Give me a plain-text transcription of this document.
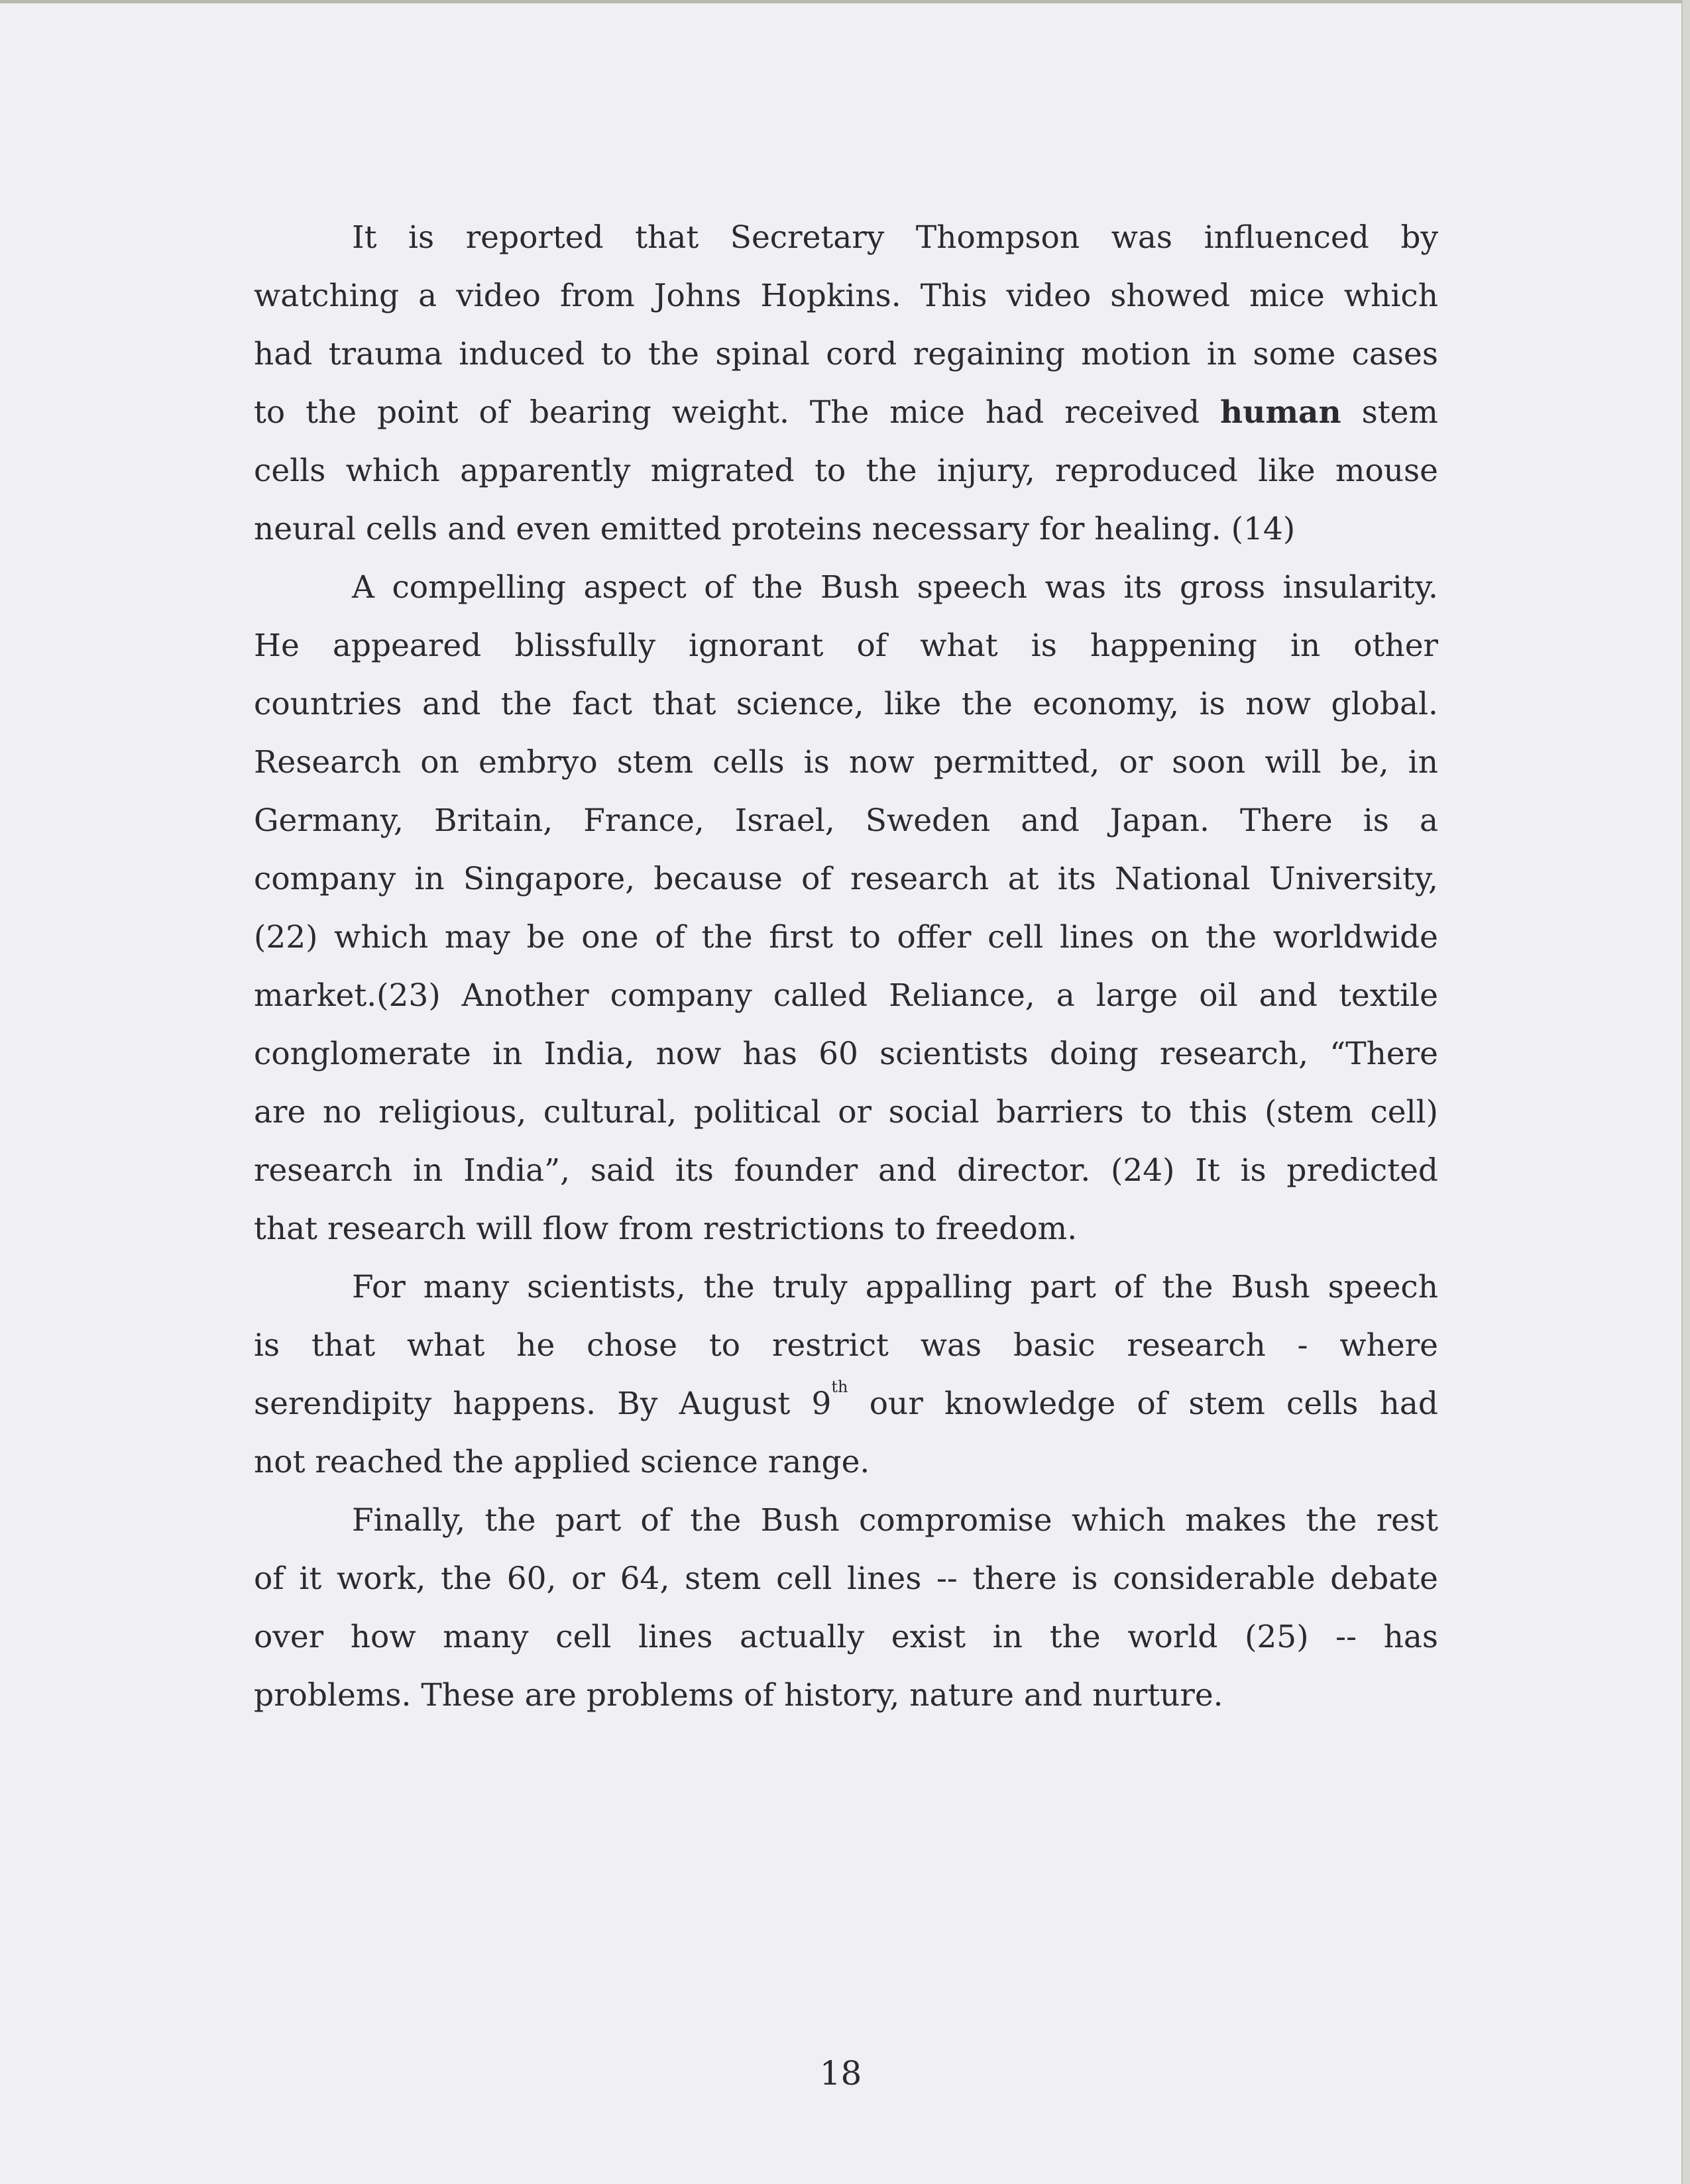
It is reported that Secretary Thompson was influenced by
watching a video from Johns Hopkins. This video showed mice which
had trauma induced to the spinal cord regaining motion in some cases
to the point of bearing weight. The mice had received human stem
cells which apparently migrated to the injury, reproduced like mouse
neural cells and even emitted proteins necessary for healing. (14)

A compelling aspect of the Bush speech was its gross insularity.
He appeared blissfully ignorant of what is happening in other
countries and the fact that science, like the economy, is now global.
Research on embryo stem cells is now permitted, or soon will be, in
Germany, Britain, France, Israel, Sweden and Japan. There is a
company in Singapore, because of research at its National University,
(22) which may be one of the first to offer cell lines on the worldwide
market.(23) Another company called Reliance, a large oil and textile
conglomerate in India, now has 60 scientists doing research, “There
are no religious, cultural, political or social barriers to this (stem cell)
research in India”, said its founder and director. (24) It is predicted
that research will flow from restrictions to freedom.

For many scientists, the truly appalling part of the Bush speech
is that what he chose to restrict was basic research - where
serendipity happens. By August 9th our knowledge of stem cells had
not reached the applied science range.

Finally, the part of the Bush compromise which makes the rest
of it work, the 60, or 64, stem cell lines -- there is considerable debate
over how many cell lines actually exist in the world (25) -- has
problems. These are problems of history, nature and nurture.

18
